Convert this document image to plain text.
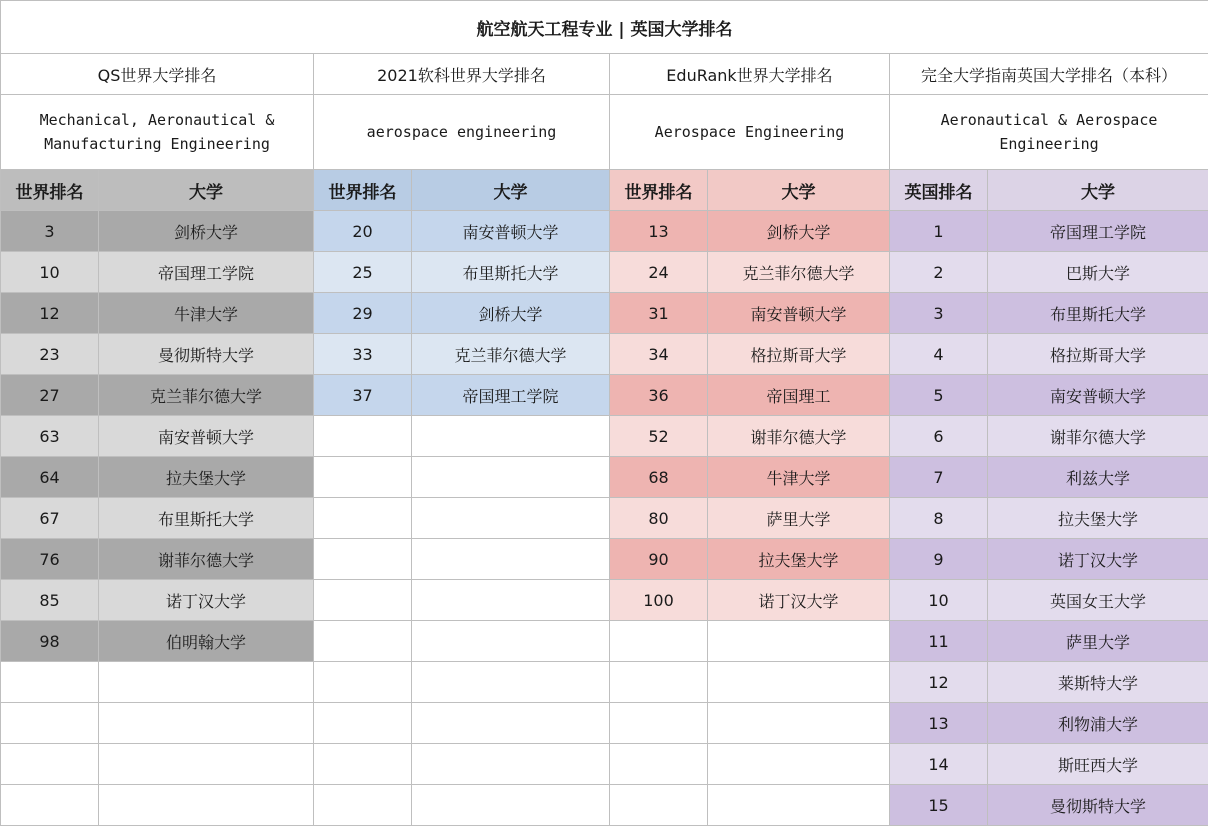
航空航天工程专业 | 英国大学排名							
QS世界大学排名		2021软科世界大学排名		EduRank世界大学排名		完全大学指南英国大学排名（本科）	
Mechanical, Aeronautical & Manufacturing Engineering		aerospace engineering		Aerospace Engineering		Aeronautical & Aerospace Engineering	
世界排名	大学	世界排名	大学	世界排名	大学	英国排名	大学
3	剑桥大学	20	南安普顿大学	13	剑桥大学	1	帝国理工学院
10	帝国理工学院	25	布里斯托大学	24	克兰菲尔德大学	2	巴斯大学
12	牛津大学	29	剑桥大学	31	南安普顿大学	3	布里斯托大学
23	曼彻斯特大学	33	克兰菲尔德大学	34	格拉斯哥大学	4	格拉斯哥大学
27	克兰菲尔德大学	37	帝国理工学院	36	帝国理工	5	南安普顿大学
63	南安普顿大学			52	谢菲尔德大学	6	谢菲尔德大学
64	拉夫堡大学			68	牛津大学	7	利兹大学
67	布里斯托大学			80	萨里大学	8	拉夫堡大学
76	谢菲尔德大学			90	拉夫堡大学	9	诺丁汉大学
85	诺丁汉大学			100	诺丁汉大学	10	英国女王大学
98	伯明翰大学					11	萨里大学
						12	莱斯特大学
						13	利物浦大学
						14	斯旺西大学
						15	曼彻斯特大学
